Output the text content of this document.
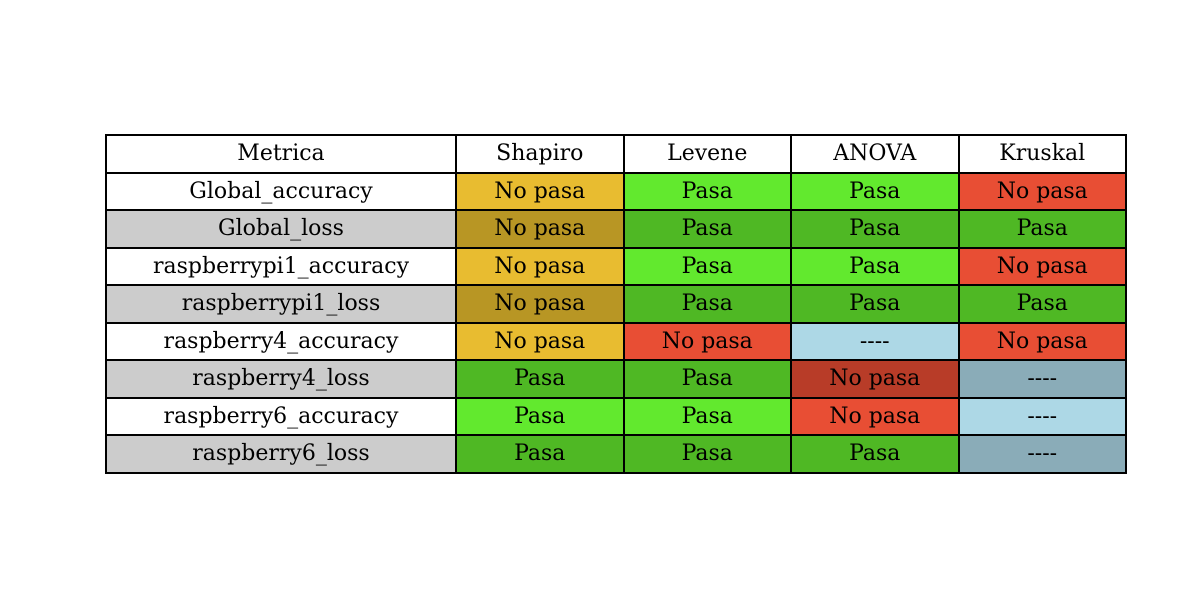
Metrica	Shapiro	Levene	ANOVA	Kruskal
Global_accuracy	No pasa	Pasa	Pasa	No pasa
Global_loss	No pasa	Pasa	Pasa	Pasa
raspberrypi1_accuracy	No pasa	Pasa	Pasa	No pasa
raspberrypi1_loss	No pasa	Pasa	Pasa	Pasa
raspberry4_accuracy	No pasa	No pasa	----	No pasa
raspberry4_loss	Pasa	Pasa	No pasa	----
raspberry6_accuracy	Pasa	Pasa	No pasa	----
raspberry6_loss	Pasa	Pasa	Pasa	----
